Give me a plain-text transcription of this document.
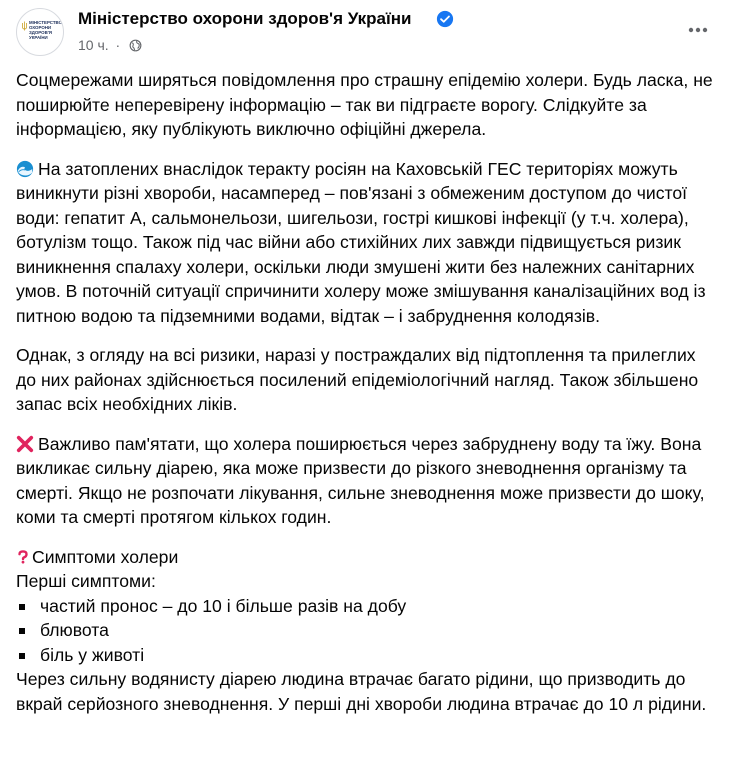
МІНІСТЕРСТВО
ОХОРОНИ
ЗДОРОВ'Я
УКРАЇНИ
Міністерство охорони здоров'я України
10 ч. ·

Соцмережами ширяться повідомлення про страшну епідемію холери. Будь ласка, не поширюйте неперевірену інформацію – так ви підграєте ворогу. Слідкуйте за інформацією, яку публікують виключно офіційні джерела.

На затоплених внаслідок теракту росіян на Каховській ГЕС територіях можуть виникнути різні хвороби, насамперед – пов'язані з обмеженим доступом до чистої води: гепатит А, сальмонельози, шигельози, гострі кишкові інфекції (у т.ч. холера), ботулізм тощо. Також під час війни або стихійних лих завжди підвищується ризик виникнення спалаху холери, оскільки люди змушені жити без належних санітарних умов. В поточній ситуації спричинити холеру може змішування каналізаційних вод із питною водою та підземними водами, відтак – і забруднення колодязів.

Однак, з огляду на всі ризики, наразі у постраждалих від підтоплення та прилеглих до них районах здійснюється посилений епідеміологічний нагляд. Також збільшено запас всіх необхідних ліків.

Важливо пам'ятати, що холера поширюється через забруднену воду та їжу. Вона викликає сильну діарею, яка може призвести до різкого зневоднення організму та смерті. Якщо не розпочати лікування, сильне зневоднення може призвести до шоку, коми та смерті протягом кількох годин.

Симптоми холери
Перші симптоми:
частий пронос – до 10 і більше разів на добу
блювота
біль у животі

Через сильну водянисту діарею людина втрачає багато рідини, що призводить до вкрай серйозного зневоднення. У перші дні хвороби людина втрачає до 10 л рідини.
